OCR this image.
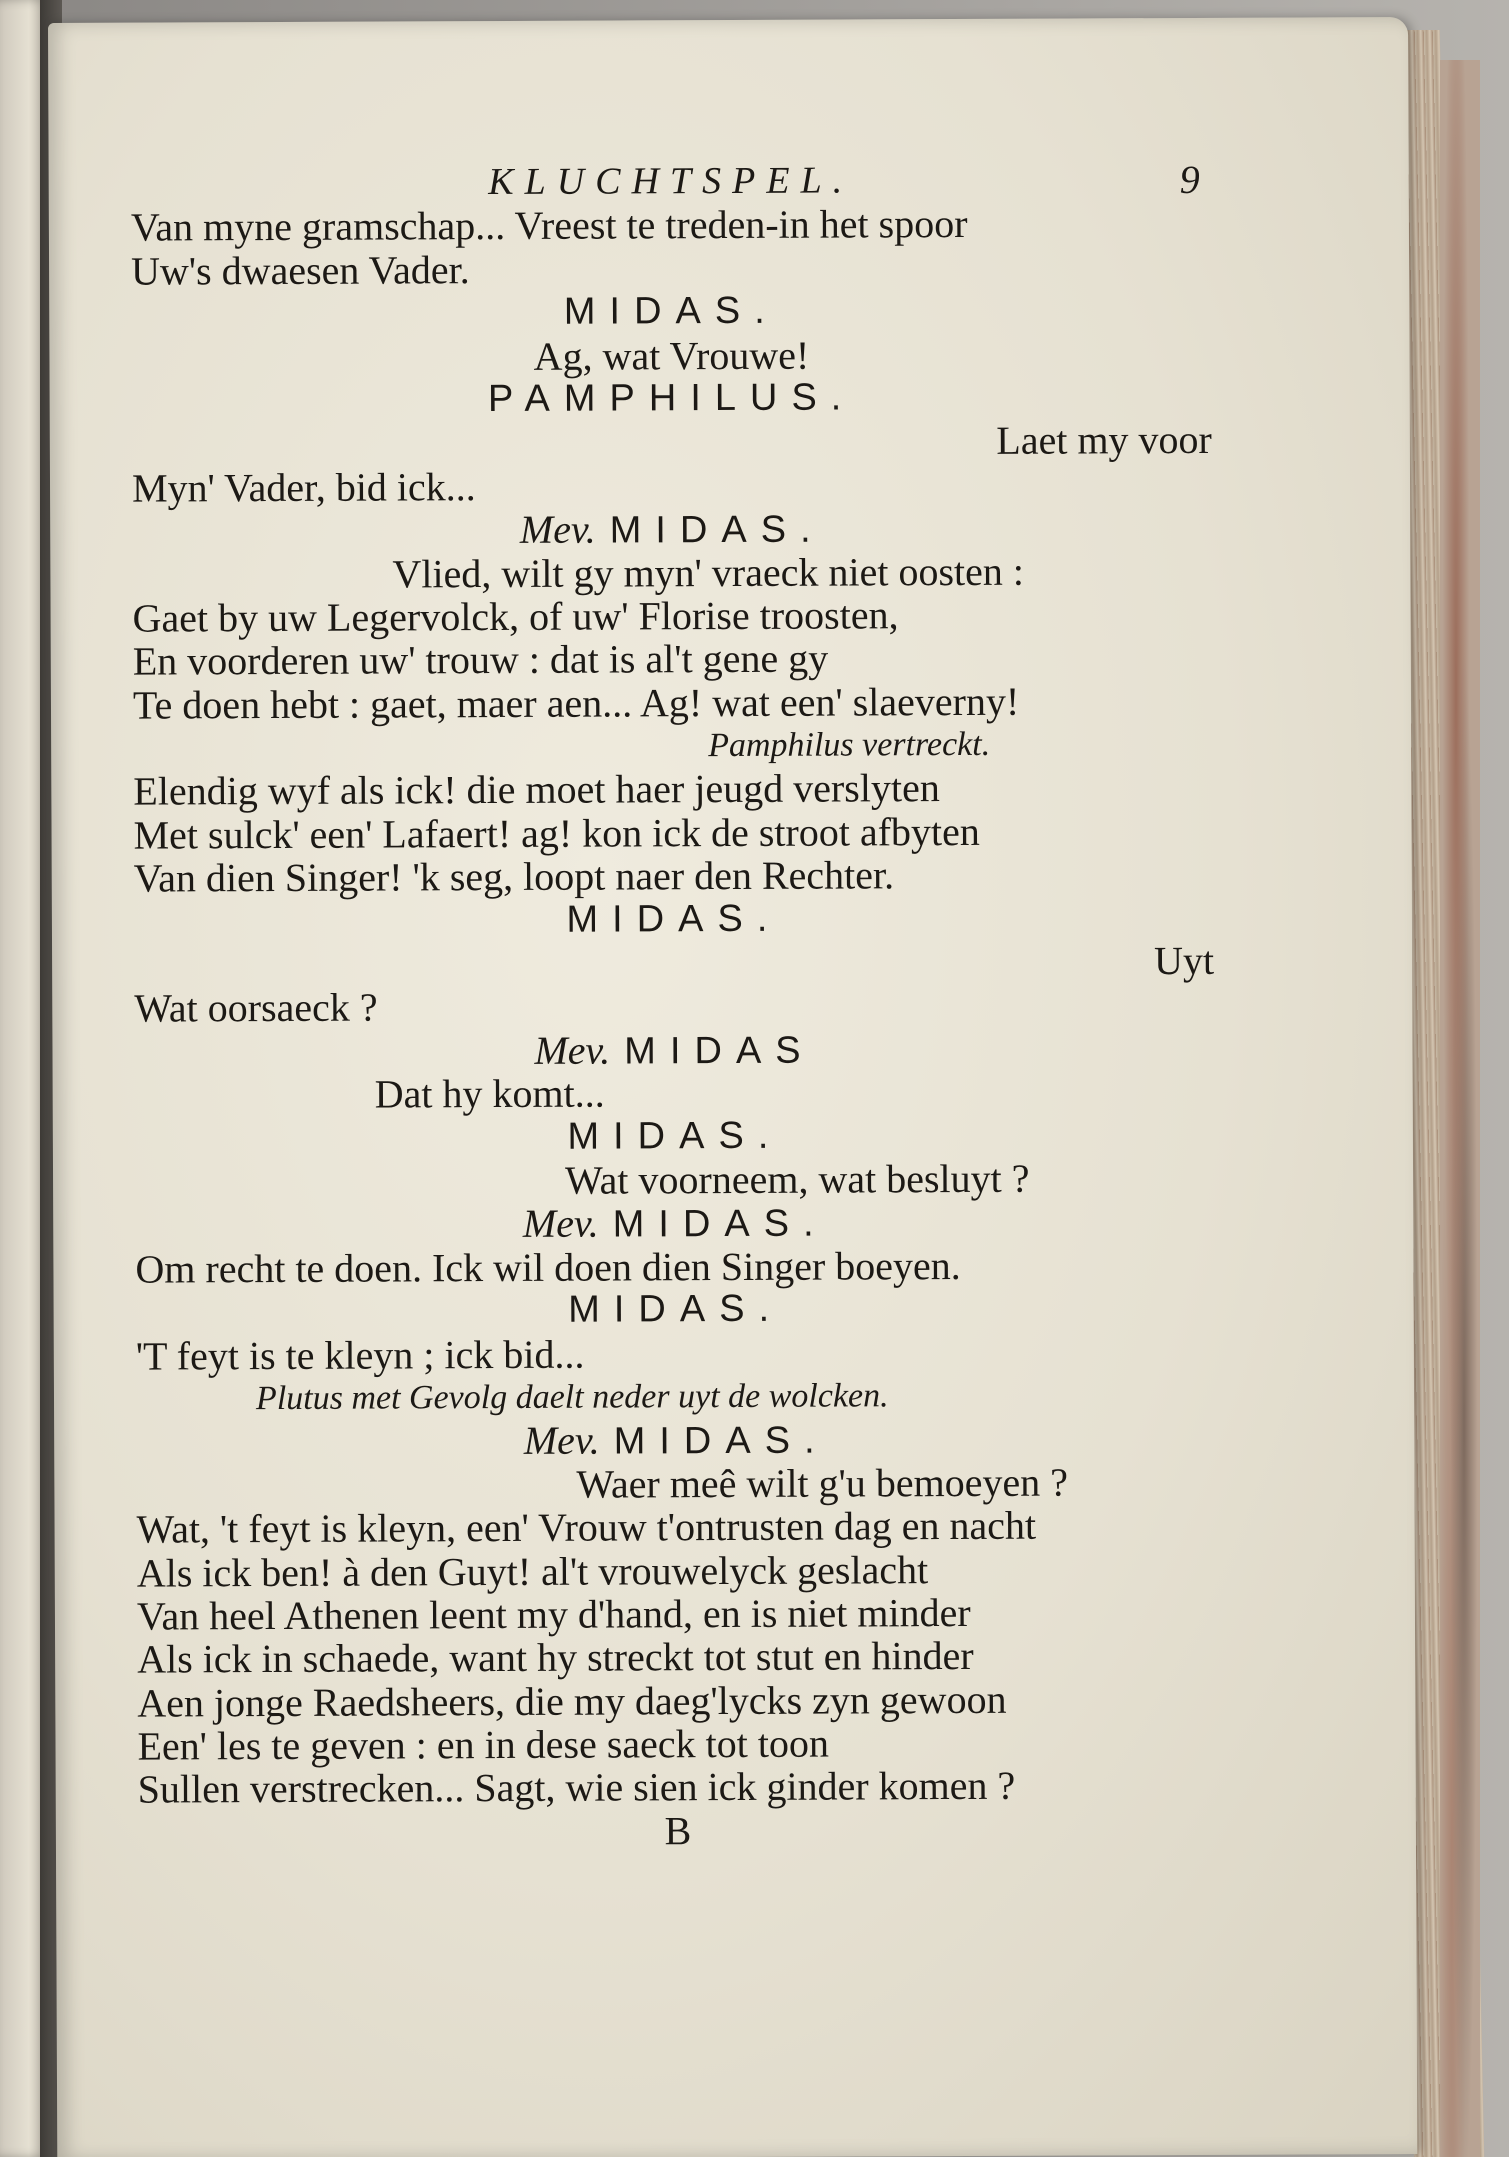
KLUCHTSPEL.	9
Van myne gramschap... Vreest te treden-in het spoor
Uw's dwaesen Vader.
MIDAS.
Ag, wat Vrouwe!
PAMPHILUS.
Laet my voor
Myn' Vader, bid ick...
Mev. MIDAS.
Vlied, wilt gy myn' vraeck niet oosten :
Gaet by uw Legervolck, of uw' Florise troosten,
En voorderen uw' trouw : dat is al't gene gy
Te doen hebt : gaet, maer aen... Ag! wat een' slaeverny!
Pamphilus vertreckt.
Elendig wyf als ick! die moet haer jeugd verslyten
Met sulck' een' Lafaert! ag! kon ick de stroot afbyten
Van dien Singer! 'k seg, loopt naer den Rechter.
MIDAS.
Uyt
Wat oorsaeck ?
Mev. MIDAS
Dat hy komt...
MIDAS.
Wat voorneem, wat besluyt ?
Mev. MIDAS.
Om recht te doen. Ick wil doen dien Singer boeyen.
MIDAS.
'T feyt is te kleyn ; ick bid...
Plutus met Gevolg daelt neder uyt de wolcken.
Mev. MIDAS.
Waer meê wilt g'u bemoeyen ?
Wat, 't feyt is kleyn, een' Vrouw t'ontrusten dag en nacht
Als ick ben! à den Guyt! al't vrouwelyck geslacht
Van heel Athenen leent my d'hand, en is niet minder
Als ick in schaede, want hy streckt tot stut en hinder
Aen jonge Raedsheers, die my daeg'lycks zyn gewoon
Een' les te geven : en in dese saeck tot toon
Sullen verstrecken... Sagt, wie sien ick ginder komen ?
B
